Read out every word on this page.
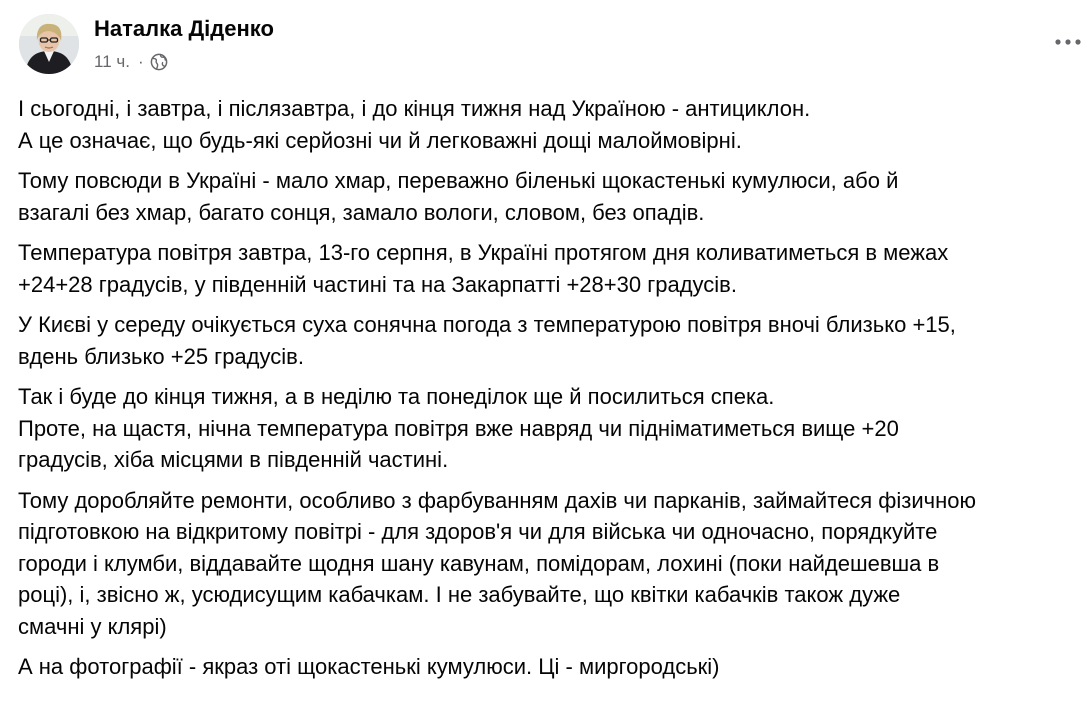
Наталка Діденко
11 ч. ·
І сьогодні, і завтра, і післязавтра, і до кінця тижня над Україною - антициклон.
А це означає, що будь-які серйозні чи й легковажні дощі малоймовірні.
Тому повсюди в Україні - мало хмар, переважно біленькі щокастенькі кумулюси, або й
взагалі без хмар, багато сонця, замало вологи, словом, без опадів.
Температура повітря завтра, 13-го серпня, в Україні протягом дня коливатиметься в межах
+24+28 градусів, у південній частині та на Закарпатті +28+30 градусів.
У Києві у середу очікується суха сонячна погода з температурою повітря вночі близько +15,
вдень близько +25 градусів.
Так і буде до кінця тижня, а в неділю та понеділок ще й посилиться спека.
Проте, на щастя, нічна температура повітря вже навряд чи підніматиметься вище +20
градусів, хіба місцями в південній частині.
Тому доробляйте ремонти, особливо з фарбуванням дахів чи парканів, займайтеся фізичною
підготовкою на відкритому повітрі - для здоров'я чи для війська чи одночасно, порядкуйте
городи і клумби, віддавайте щодня шану кавунам, помідорам, лохині (поки найдешевша в
році), і, звісно ж, усюдисущим кабачкам. І не забувайте, що квітки кабачків також дуже
смачні у клярі)
А на фотографії - якраз оті щокастенькі кумулюси. Ці - миргородські)
